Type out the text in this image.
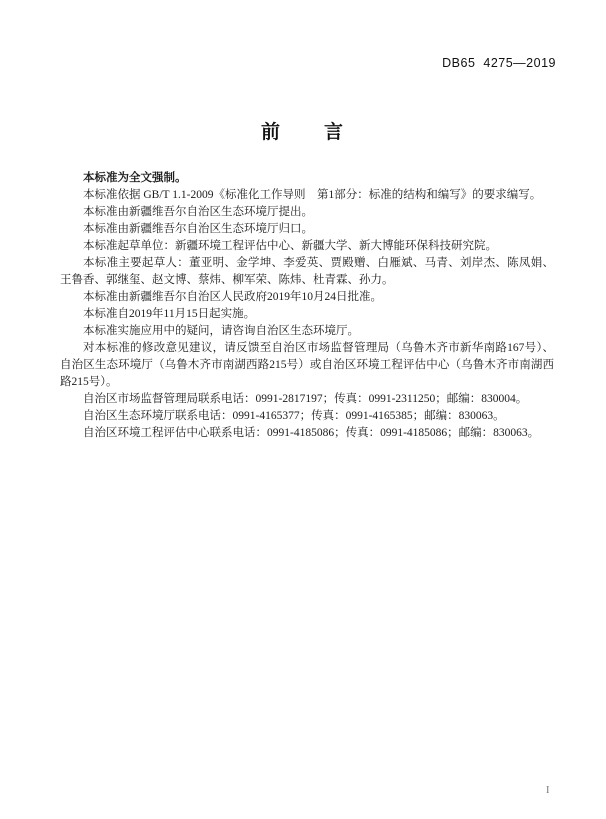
DB65  4275—2019
前　　言

本标准为全文强制。

本标准依据 GB/T 1.1-2009《标准化工作导则　第1部分：标准的结构和编写》的要求编写。

本标准由新疆维吾尔自治区生态环境厅提出。

本标准由新疆维吾尔自治区生态环境厅归口。

本标准起草单位：新疆环境工程评估中心、新疆大学、新大博能环保科技研究院。

本标准主要起草人：董亚明、金学坤、李爱英、贾殿赠、白雁斌、马青、刘岸杰、陈凤娟、王鲁香、郭继玺、赵文博、蔡炜、柳军荣、陈炜、杜青霖、孙力。

本标准由新疆维吾尔自治区人民政府2019年10月24日批准。

本标准自2019年11月15日起实施。

本标准实施应用中的疑问，请咨询自治区生态环境厅。

对本标准的修改意见建议，请反馈至自治区市场监督管理局（乌鲁木齐市新华南路167号）、自治区生态环境厅（乌鲁木齐市南湖西路215号）或自治区环境工程评估中心（乌鲁木齐市南湖西路215号）。

自治区市场监督管理局联系电话：0991-2817197；传真：0991-2311250；邮编：830004。

自治区生态环境厅联系电话：0991-4165377；传真：0991-4165385；邮编：830063。

自治区环境工程评估中心联系电话：0991-4185086；传真：0991-4185086；邮编：830063。

I
